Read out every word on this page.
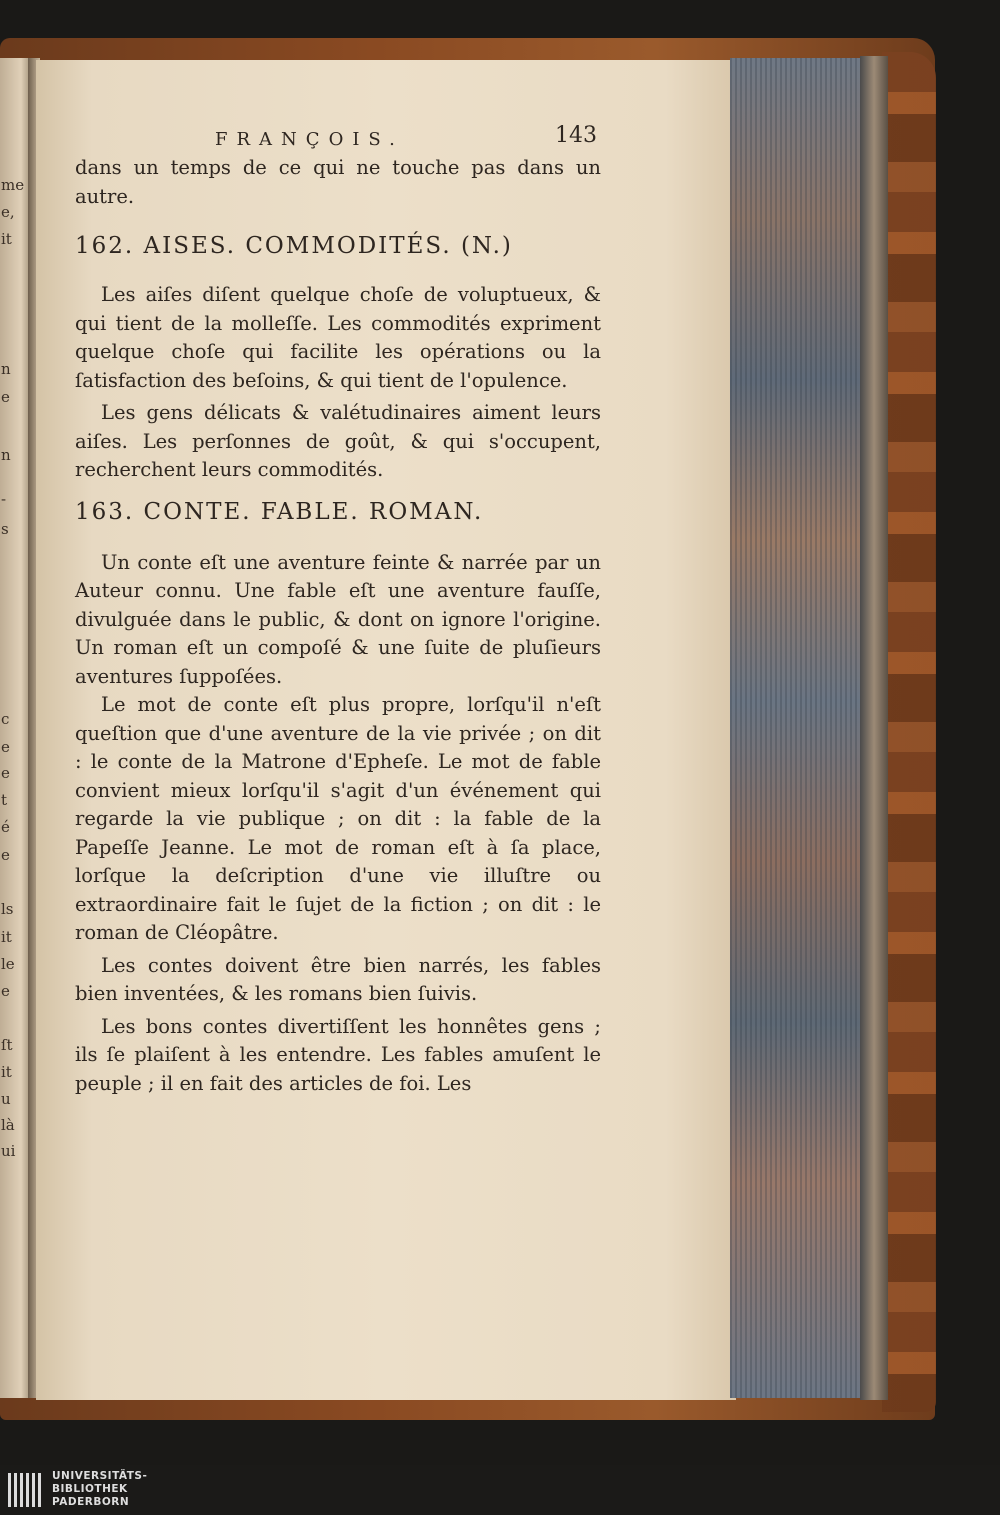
me
e,
it
n
e
n
-
s
c
e
e
t
é
e
ls
it
le
e
ſt
it
u
là
ui
FRANÇOIS.	143

dans un temps de ce qui ne touche pas dans un autre.

162. AISES. COMMODITÉS. (N.)

Les aiſes diſent quelque choſe de voluptueux, & qui tient de la molleſſe. Les commodités expriment quelque choſe qui facilite les opérations ou la ſatisfaction des beſoins, & qui tient de l'opulence.

Les gens délicats & valétudinaires aiment leurs aiſes. Les perſonnes de goût, & qui s'occupent, recherchent leurs commodités.

163. CONTE. FABLE. ROMAN.

Un conte eſt une aventure feinte & narrée par un Auteur connu. Une fable eſt une aventure fauſſe, divulguée dans le public, & dont on ignore l'origine. Un roman eſt un compoſé & une ſuite de pluſieurs aventures ſuppoſées.

Le mot de conte eſt plus propre, lorſqu'il n'eſt queſtion que d'une aventure de la vie privée ; on dit : le conte de la Matrone d'Epheſe. Le mot de fable convient mieux lorſqu'il s'agit d'un événement qui regarde la vie publique ; on dit : la fable de la Papeſſe Jeanne. Le mot de roman eſt à ſa place, lorſque la deſcription d'une vie illuſtre ou extraordinaire fait le ſujet de la fiction ; on dit : le roman de Cléopâtre.

Les contes doivent être bien narrés, les fables bien inventées, & les romans bien ſuivis.

Les bons contes divertiſſent les honnêtes gens ; ils ſe plaiſent à les entendre. Les fables amuſent le peuple ; il en fait des articles de foi. Les

UNIVERSITÄTS-
BIBLIOTHEK
PADERBORN
